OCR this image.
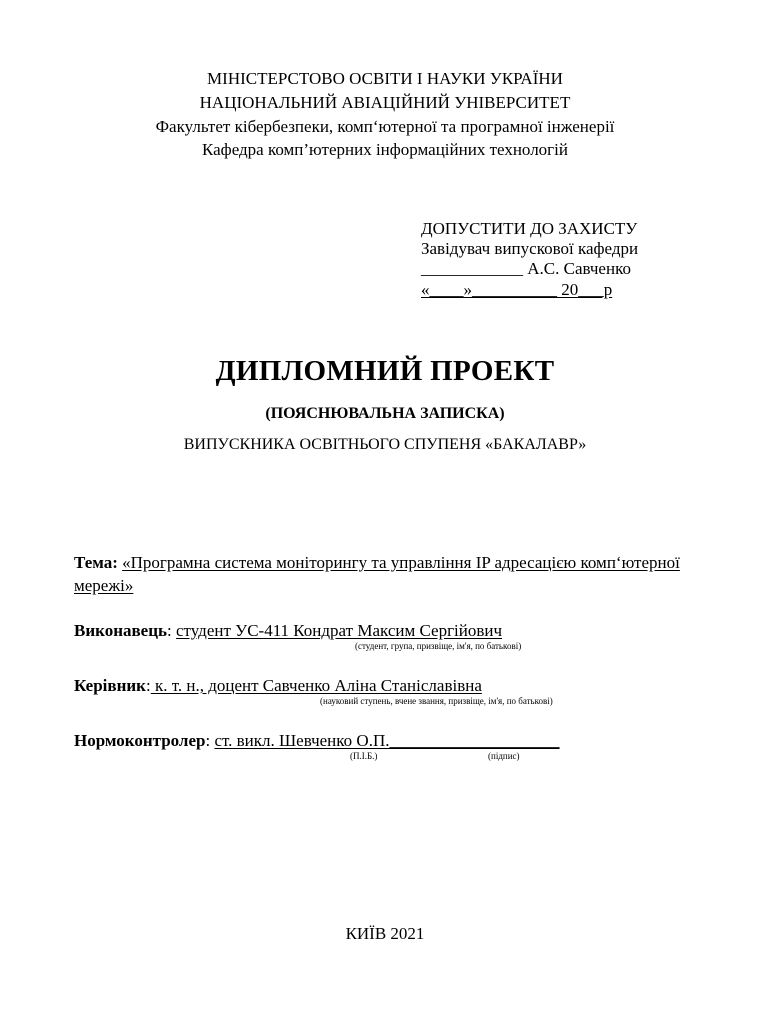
МІНІСТЕРСТОВО ОСВІТИ І НАУКИ УКРАЇНИ
НАЦІОНАЛЬНИЙ АВІАЦІЙНИЙ УНІВЕРСИТЕТ
Факультет кібербезпеки, комп‘ютерної та програмної інженерії
Кафедра комп’ютерних інформаційних технологій
ДОПУСТИТИ ДО ЗАХИСТУ
Завідувач випускової кафедри
____________ А.С. Савченко
«____»__________ 20___р
ДИПЛОМНИЙ ПРОЕКТ
(ПОЯСНЮВАЛЬНА ЗАПИСКА)
ВИПУСКНИКА ОСВІТНЬОГО СПУПЕНЯ «БАКАЛАВР»
Тема: «Програмна система моніторингу та управління IP адресацією комп‘ютерної
мережі»
Виконавець: студент УС-411 Кондрат Максим Сергійович
(студент, група, призвіще, ім'я, по батькові)
Керівник: к. т. н., доцент Савченко Аліна Станіславівна
(науковий ступень, вчене звання, призвіще, ім'я, по батькові)
Нормоконтролер: ст. викл. Шевченко О.П.____________________
(П.І.Б.)	(підпис)
КИЇВ 2021
